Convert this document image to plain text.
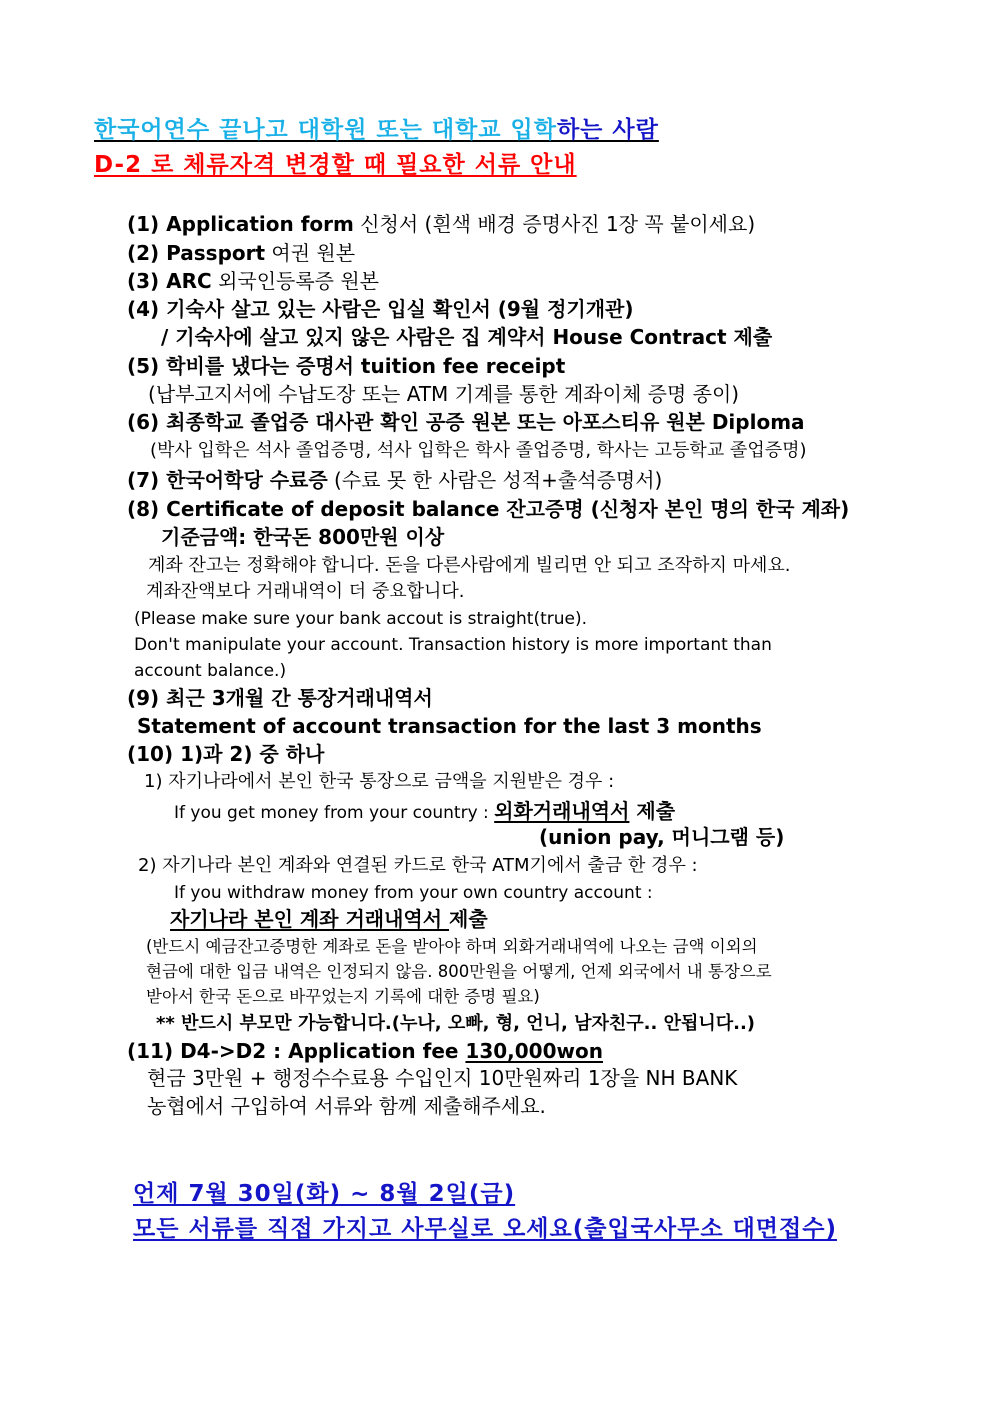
한국어연수 끝나고 대학원 또는 대학교 입학하는 사람
D-2 로 체류자격 변경할 때 필요한 서류 안내
(1) Application form 신청서 (흰색 배경 증명사진 1장 꼭 붙이세요)
(2) Passport 여권 원본
(3) ARC 외국인등록증 원본
(4) 기숙사 살고 있는 사람은 입실 확인서 (9월 정기개관)
/ 기숙사에 살고 있지 않은 사람은 집 계약서 House Contract 제출
(5) 학비를 냈다는 증명서 tuition fee receipt
(납부고지서에 수납도장 또는 ATM 기계를 통한 계좌이체 증명 종이)
(6) 최종학교 졸업증 대사관 확인 공증 원본 또는 아포스티유 원본 Diploma
(박사 입학은 석사 졸업증명, 석사 입학은 학사 졸업증명, 학사는 고등학교 졸업증명)
(7) 한국어학당 수료증 (수료 못 한 사람은 성적+출석증명서)
(8) Certificate of deposit balance 잔고증명 (신청자 본인 명의 한국 계좌)
기준금액: 한국돈 800만원 이상
계좌 잔고는 정확해야 합니다. 돈을 다른사람에게 빌리면 안 되고 조작하지 마세요.
계좌잔액보다 거래내역이 더 중요합니다.
(Please make sure your bank accout is straight(true).
Don't manipulate your account. Transaction history is more important than
account balance.)
(9) 최근 3개월 간 통장거래내역서
Statement of account transaction for the last 3 months
(10) 1)과 2) 중 하나
1) 자기나라에서 본인 한국 통장으로 금액을 지원받은 경우 :
If you get money from your country : 외화거래내역서 제출
(union pay, 머니그램 등)
2) 자기나라 본인 계좌와 연결된 카드로 한국 ATM기에서 출금 한 경우 :
If you withdraw money from your own country account :
자기나라 본인 계좌 거래내역서 제출
(반드시 예금잔고증명한 계좌로 돈을 받아야 하며 외화거래내역에 나오는 금액 이외의
현금에 대한 입금 내역은 인정되지 않음. 800만원을 어떻게, 언제 외국에서 내 통장으로
받아서 한국 돈으로 바꾸었는지 기록에 대한 증명 필요)
** 반드시 부모만 가능합니다.(누나, 오빠, 형, 언니, 남자친구.. 안됩니다..)
(11) D4->D2 : Application fee 130,000won
현금 3만원 + 행정수수료용 수입인지 10만원짜리 1장을 NH BANK
농협에서 구입하여 서류와 함께 제출해주세요.
언제 7월 30일(화) ~ 8월 2일(금)
모든 서류를 직접 가지고 사무실로 오세요(출입국사무소 대면접수)
